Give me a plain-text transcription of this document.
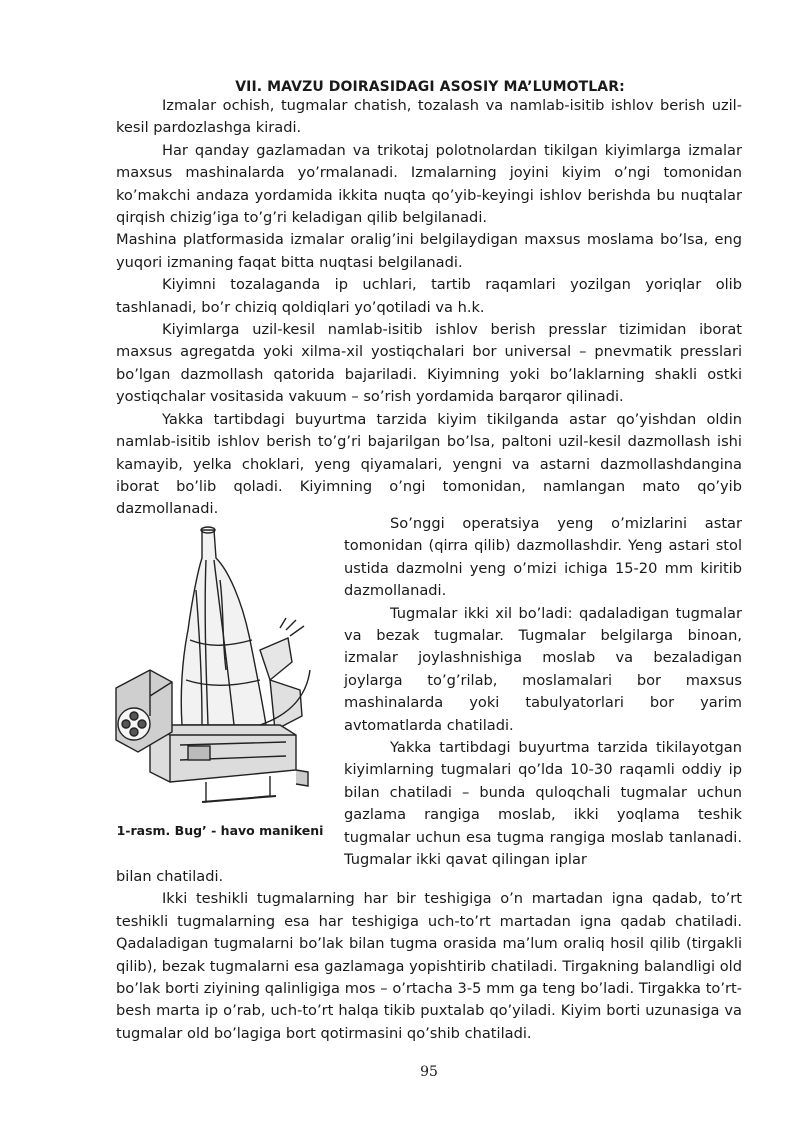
VII. MAVZU DOIRASIDAGI ASOSIY MA’LUMOTLAR:

Izmalar ochish, tugmalar chatish, tozalash va namlab-isitib ishlov berish uzil-kesil pardozlashga kiradi.

Har qanday gazlamadan va trikotaj polotnolardan tikilgan kiyimlarga izmalar maxsus mashinalarda yo’rmalanadi. Izmalarning joyini kiyim o’ngi tomonidan ko’makchi andaza yordamida ikkita nuqta qo’yib-keyingi ishlov berishda bu nuqtalar qirqish chizig’iga to’g’ri keladigan qilib belgilanadi.

Mashina platformasida izmalar oralig’ini belgilaydigan maxsus moslama bo’lsa, eng yuqori izmaning faqat bitta nuqtasi belgilanadi.

Kiyimni tozalaganda ip uchlari, tartib raqamlari yozilgan yoriqlar olib tashlanadi, bo’r chiziq qoldiqlari yo’qotiladi va h.k.

Kiyimlarga uzil-kesil namlab-isitib ishlov berish presslar tizimidan iborat maxsus agregatda yoki xilma-xil yostiqchalari bor universal – pnevmatik presslari bo’lgan dazmollash qatorida bajariladi. Kiyimning yoki bo’laklarning shakli ostki yostiqchalar vositasida vakuum – so’rish yordamida barqaror qilinadi.

Yakka tartibdagi buyurtma tarzida kiyim tikilganda astar qo’yishdan oldin namlab-isitib ishlov berish to’g’ri bajarilgan bo’lsa, paltoni uzil-kesil dazmollash ishi kamayib, yelka choklari, yeng qiyamalari, yengni va astarni dazmollashdangina iborat bo’lib qoladi. Kiyimning o’ngi tomonidan, namlangan mato qo’yib dazmollanadi.

1-rasm. Bug’ - havo manikeni

So’nggi operatsiya yeng o’mizlarini astar tomonidan (qirra qilib) dazmollashdir. Yeng astari stol ustida dazmolni yeng o’mizi ichiga 15-20 mm kiritib dazmollanadi.

Tugmalar ikki xil bo’ladi: qadaladigan tugmalar va bezak tugmalar. Tugmalar belgilarga binoan, izmalar joylashnishiga moslab va bezaladigan joylarga to’g’rilab, moslamalari bor maxsus mashinalarda yoki tabulyatorlari bor yarim avtomatlarda chatiladi.

Yakka tartibdagi buyurtma tarzida tikilayotgan kiyimlarning tugmalari qo’lda 10-30 raqamli oddiy ip bilan chatiladi – bunda quloqchali tugmalar uchun gazlama rangiga moslab, ikki yoqlama teshik tugmalar uchun esa tugma rangiga moslab tanlanadi. Tugmalar ikki qavat qilingan iplar

bilan chatiladi.

Ikki teshikli tugmalarning har bir teshigiga o’n martadan igna qadab, to’rt teshikli tugmalarning esa har teshigiga uch-to’rt martadan igna qadab chatiladi. Qadaladigan tugmalarni bo’lak bilan tugma orasida ma’lum oraliq hosil qilib (tirgakli qilib), bezak tugmalarni esa gazlamaga yopishtirib chatiladi. Tirgakning balandligi old bo’lak borti ziyining qalinligiga mos – o’rtacha 3-5 mm ga teng bo’ladi. Tirgakka to’rt-besh marta ip o’rab, uch-to’rt halqa tikib puxtalab qo’yiladi. Kiyim borti uzunasiga va tugmalar old bo’lagiga bort qotirmasini qo’shib chatiladi.

95
